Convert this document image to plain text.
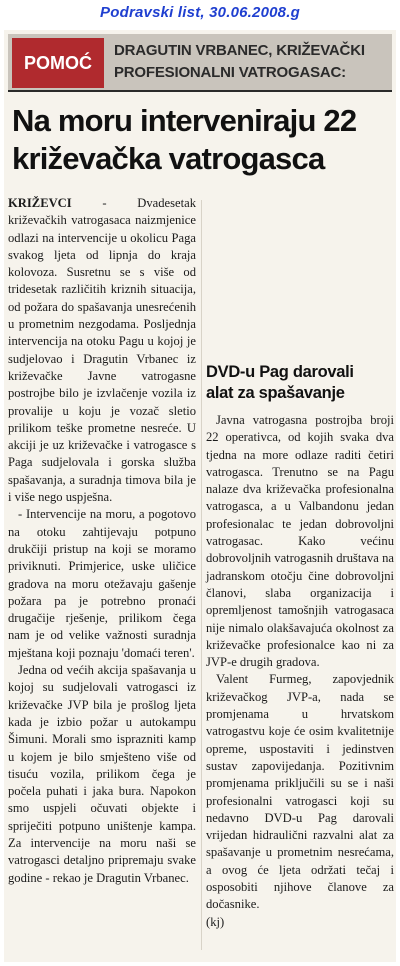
Podravski list, 30.06.2008.g
POMOĆ
DRAGUTIN VRBANEC, KRIŽEVAČKI
PROFESIONALNI VATROGASAC:
Na moru interveniraju 22
križevačka vatrogasca

KRIŽEVCI - Dvadesetak križevačkih vatrogasaca naizmjenice odlazi na intervencije u okolicu Paga svakog ljeta od lipnja do kraja kolovoza. Susretnu se s više od tridesetak različitih kriznih situacija, od požara do spašavanja unesrećenih u prometnim nezgodama. Posljednja intervencija na otoku Pagu u kojoj je sudjelovao i Dragutin Vrbanec iz križevačke Javne vatrogasne postrojbe bilo je izvlačenje vozila iz provalije u koju je vozač sletio prilikom teške prometne nesreće. U akciji je uz križevačke i vatrogasce s Paga sudjelovala i gorska služba spašavanja, a suradnja timova bila je i više nego uspješna.

- Intervencije na moru, a pogotovo na otoku zahtijevaju potpuno drukčiji pristup na koji se moramo priviknuti. Primjerice, uske uličice gradova na moru otežavaju gašenje požara pa je potrebno pronaći drugačije rješenje, prilikom čega nam je od velike važnosti suradnja mještana koji poznaju 'domaći teren'.

Jedna od većih akcija spašavanja u kojoj su sudjelovali vatrogasci iz križevačke JVP bila je prošlog ljeta kada je izbio požar u autokampu Šimuni. Morali smo isprazniti kamp u kojem je bilo smješteno više od tisuću vozila, prilikom čega je počela puhati i jaka bura. Napokon smo uspjeli očuvati objekte i spriječiti potpuno uništenje kampa. Za intervencije na moru naši se vatrogasci detaljno pripremaju svake godine - rekao je Dragutin Vrbanec.

DVD-u Pag darovali
alat za spašavanje

Javna vatrogasna postrojba broji 22 operativca, od kojih svaka dva tjedna na more odlaze raditi četiri vatrogasca. Trenutno se na Pagu nalaze dva križevačka profesionalna vatrogasca, a u Valbandonu jedan profesionalac te jedan dobrovoljni vatrogasac. Kako većinu dobrovoljnih vatrogasnih društava na jadranskom otočju čine dobrovoljni članovi, slaba organizacija i opremljenost tamošnjih vatrogasaca nije nimalo olakšavajuća okolnost za križevačke profesionalce kao ni za JVP-e drugih gradova.

Valent Furmeg, zapovjednik križevačkog JVP-a, nada se promjenama u hrvatskom vatrogastvu koje će osim kvalitetnije opreme, uspostaviti i jedinstven sustav zapovijedanja. Pozitivnim promjenama priključili su se i naši profesionalni vatrogasci koji su nedavno DVD-u Pag darovali vrijedan hidraulični razvalni alat za spašavanje u prometnim nesrećama, a ovog će ljeta održati tečaj i osposobiti njihove članove za dočasnike.

(kj)
